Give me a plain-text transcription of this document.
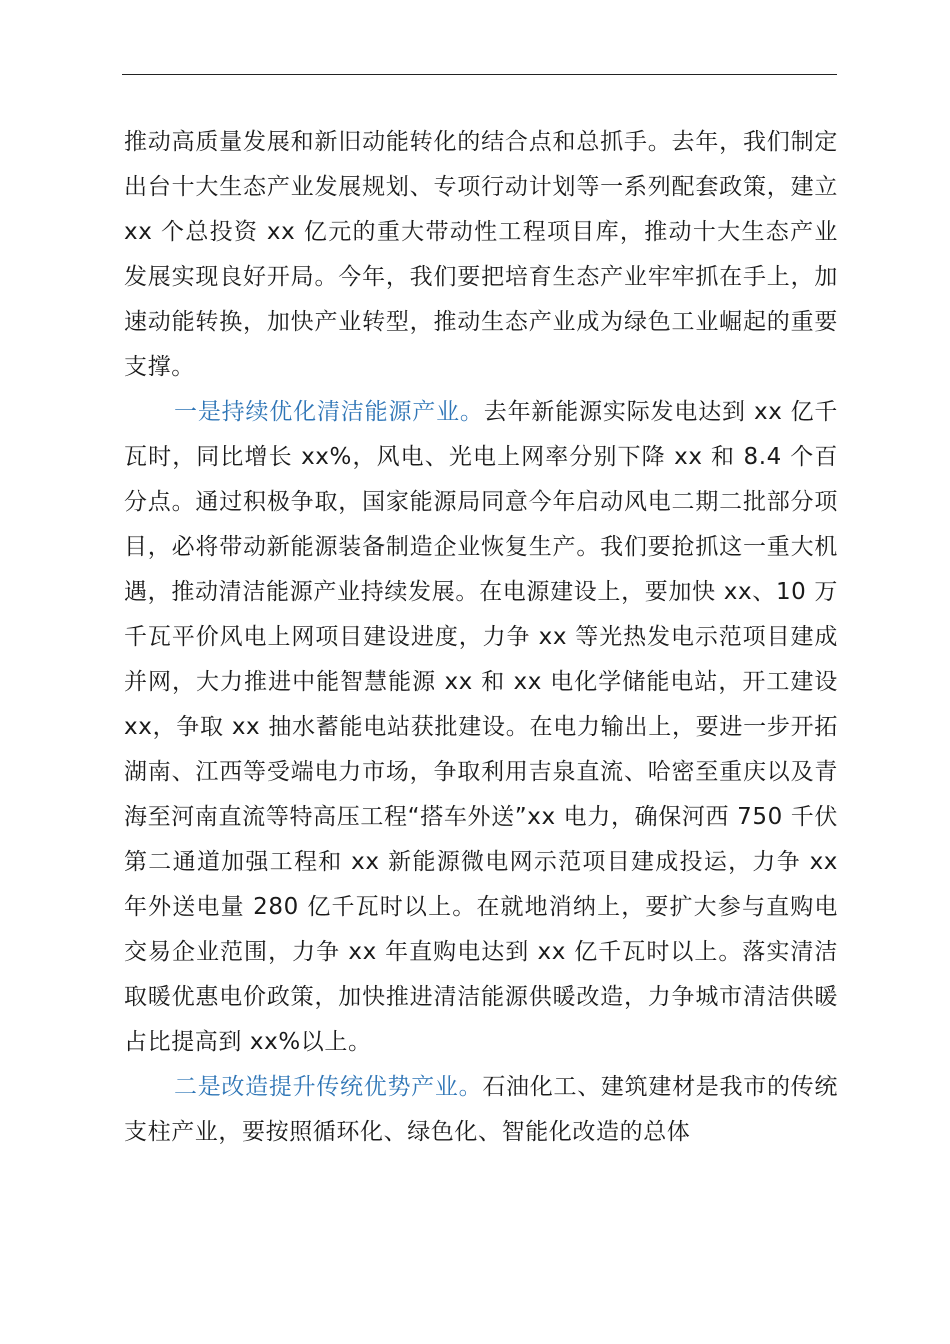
推动高质量发展和新旧动能转化的结合点和总抓手。去年，我们制定出台十大生态产业发展规划、专项行动计划等一系列配套政策，建立 xx 个总投资 xx 亿元的重大带动性工程项目库，推动十大生态产业发展实现良好开局。今年，我们要把培育生态产业牢牢抓在手上，加速动能转换，加快产业转型，推动生态产业成为绿色工业崛起的重要支撑。

一是持续优化清洁能源产业。去年新能源实际发电达到 xx 亿千瓦时，同比增长 xx%，风电、光电上网率分别下降 xx 和 8.4 个百分点。通过积极争取，国家能源局同意今年启动风电二期二批部分项目，必将带动新能源装备制造企业恢复生产。我们要抢抓这一重大机遇，推动清洁能源产业持续发展。在电源建设上，要加快 xx、10 万千瓦平价风电上网项目建设进度，力争 xx 等光热发电示范项目建成并网，大力推进中能智慧能源 xx 和 xx 电化学储能电站，开工建设 xx，争取 xx 抽水蓄能电站获批建设。在电力输出上，要进一步开拓湖南、江西等受端电力市场，争取利用吉泉直流、哈密至重庆以及青海至河南直流等特高压工程“搭车外送”xx 电力，确保河西 750 千伏第二通道加强工程和 xx 新能源微电网示范项目建成投运，力争 xx 年外送电量 280 亿千瓦时以上。在就地消纳上，要扩大参与直购电交易企业范围，力争 xx 年直购电达到 xx 亿千瓦时以上。落实清洁取暖优惠电价政策，加快推进清洁能源供暖改造，力争城市清洁供暖占比提高到 xx%以上。

二是改造提升传统优势产业。石油化工、建筑建材是我市的传统支柱产业，要按照循环化、绿色化、智能化改造的总体
